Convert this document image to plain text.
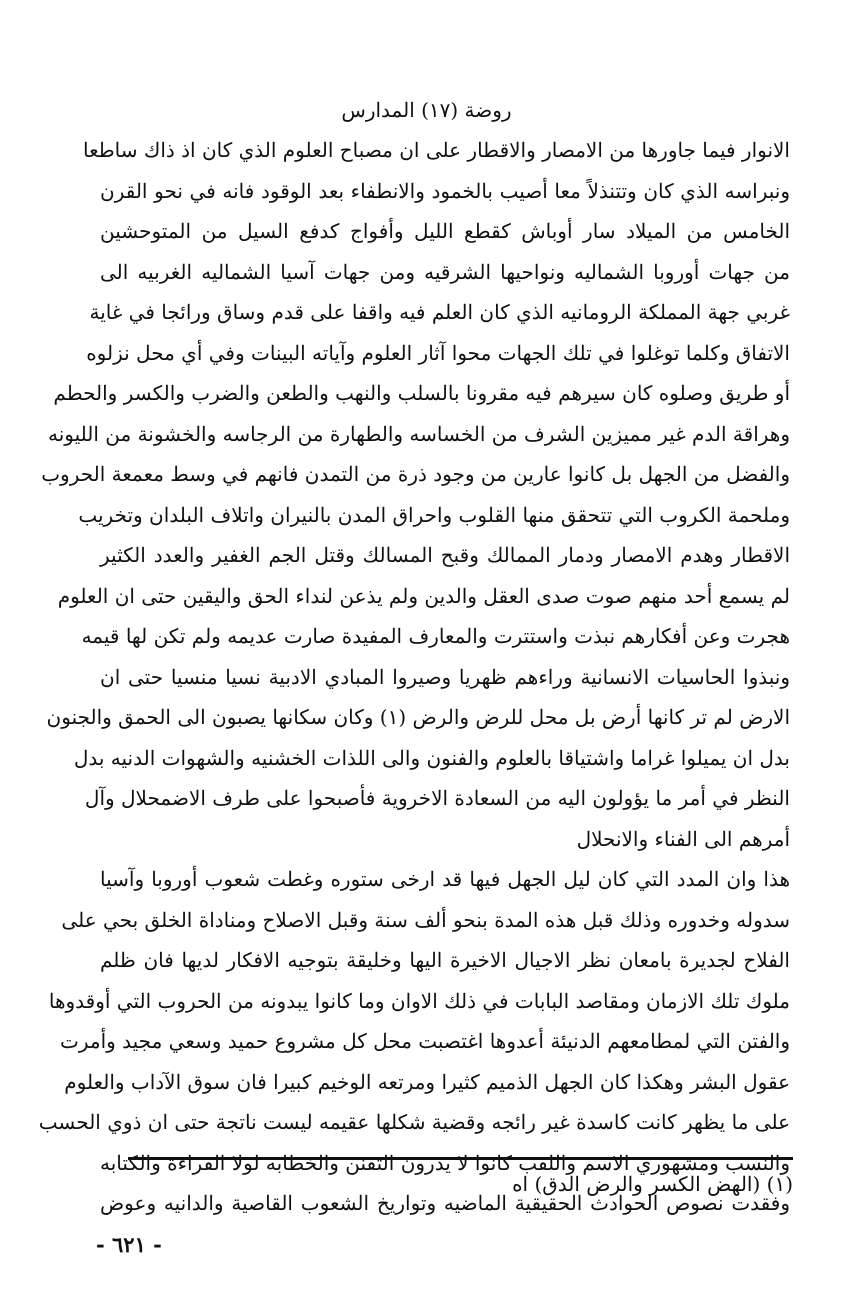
روضة (١٧) المدارس
الانوار فيما جاورها من الامصار والاقطار على ان مصباح العلوم الذي كان اذ ذاك ساطعا
ونبراسه الذي كان وتتنذلاً معا أصيب بالخمود والانطفاء بعد الوقود فانه في نحو القرن
الخامس من الميلاد سار أوباش كقطع الليل وأفواج كدفع السيل من المتوحشين
من جهات أوروبا الشماليه ونواحيها الشرقيه ومن جهات آسيا الشماليه الغربيه الى
غربي جهة المملكة الرومانيه الذي كان العلم فيه واقفا على قدم وساق ورائجا في غاية
الاتفاق وكلما توغلوا في تلك الجهات محوا آثار العلوم وآياته البينات وفي أي محل نزلوه
أو طريق وصلوه كان سيرهم فيه مقرونا بالسلب والنهب والطعن والضرب والكسر والحطم
وهراقة الدم غير مميزين الشرف من الخساسه والطهارة من الرجاسه والخشونة من الليونه
والفضل من الجهل بل كانوا عارين من وجود ذرة من التمدن فانهم في وسط معمعة الحروب
وملحمة الكروب التي تتحقق منها القلوب واحراق المدن بالنيران واتلاف البلدان وتخريب
الاقطار وهدم الامصار ودمار الممالك وقبح المسالك وقتل الجم الغفير والعدد الكثير
لم يسمع أحد منهم صوت صدى العقل والدين ولم يذعن لنداء الحق واليقين حتى ان العلوم
هجرت وعن أفكارهم نبذت واستترت والمعارف المفيدة صارت عديمه ولم تكن لها قيمه
ونبذوا الحاسيات الانسانية وراءهم ظهريا وصيروا المبادي الادبية نسيا منسيا حتى ان
الارض لم تر كانها أرض بل محل للرض والرض (١) وكان سكانها يصبون الى الحمق والجنون
بدل ان يميلوا غراما واشتياقا بالعلوم والفنون والى اللذات الخشنيه والشهوات الدنيه بدل
النظر في أمر ما يؤولون اليه من السعادة الاخروية فأصبحوا على طرف الاضمحلال وآل
أمرهم الى الفناء والانحلال
هذا وان المدد التي كان ليل الجهل فيها قد ارخى ستوره وغطت شعوب أوروبا وآسيا
سدوله وخدوره وذلك قبل هذه المدة بنحو ألف سنة وقبل الاصلاح ومناداة الخلق بحي على
الفلاح لجديرة بامعان نظر الاجيال الاخيرة اليها وخليقة بتوجيه الافكار لديها فان ظلم
ملوك تلك الازمان ومقاصد البابات في ذلك الاوان وما كانوا يبدونه من الحروب التي أوقدوها
والفتن التي لمطامعهم الدنيئة أعدوها اغتصبت محل كل مشروع حميد وسعي مجيد وأمرت
عقول البشر وهكذا كان الجهل الذميم كثيرا ومرتعه الوخيم كبيرا فان سوق الآداب والعلوم
على ما يظهر كانت كاسدة غير رائجه وقضية شكلها عقيمه ليست ناتجة حتى ان ذوي الحسب
والنسب ومشهوري الاسم واللقب كانوا لا يدرون التفنن والخطابه لولا القراءة والكتابه
وفقدت نصوص الحوادث الحقيقية الماضيه وتواريخ الشعوب القاصية والدانيه وعوض
(١) (الهض الكسر والرض الدق) اه
- ٦٢١ -
